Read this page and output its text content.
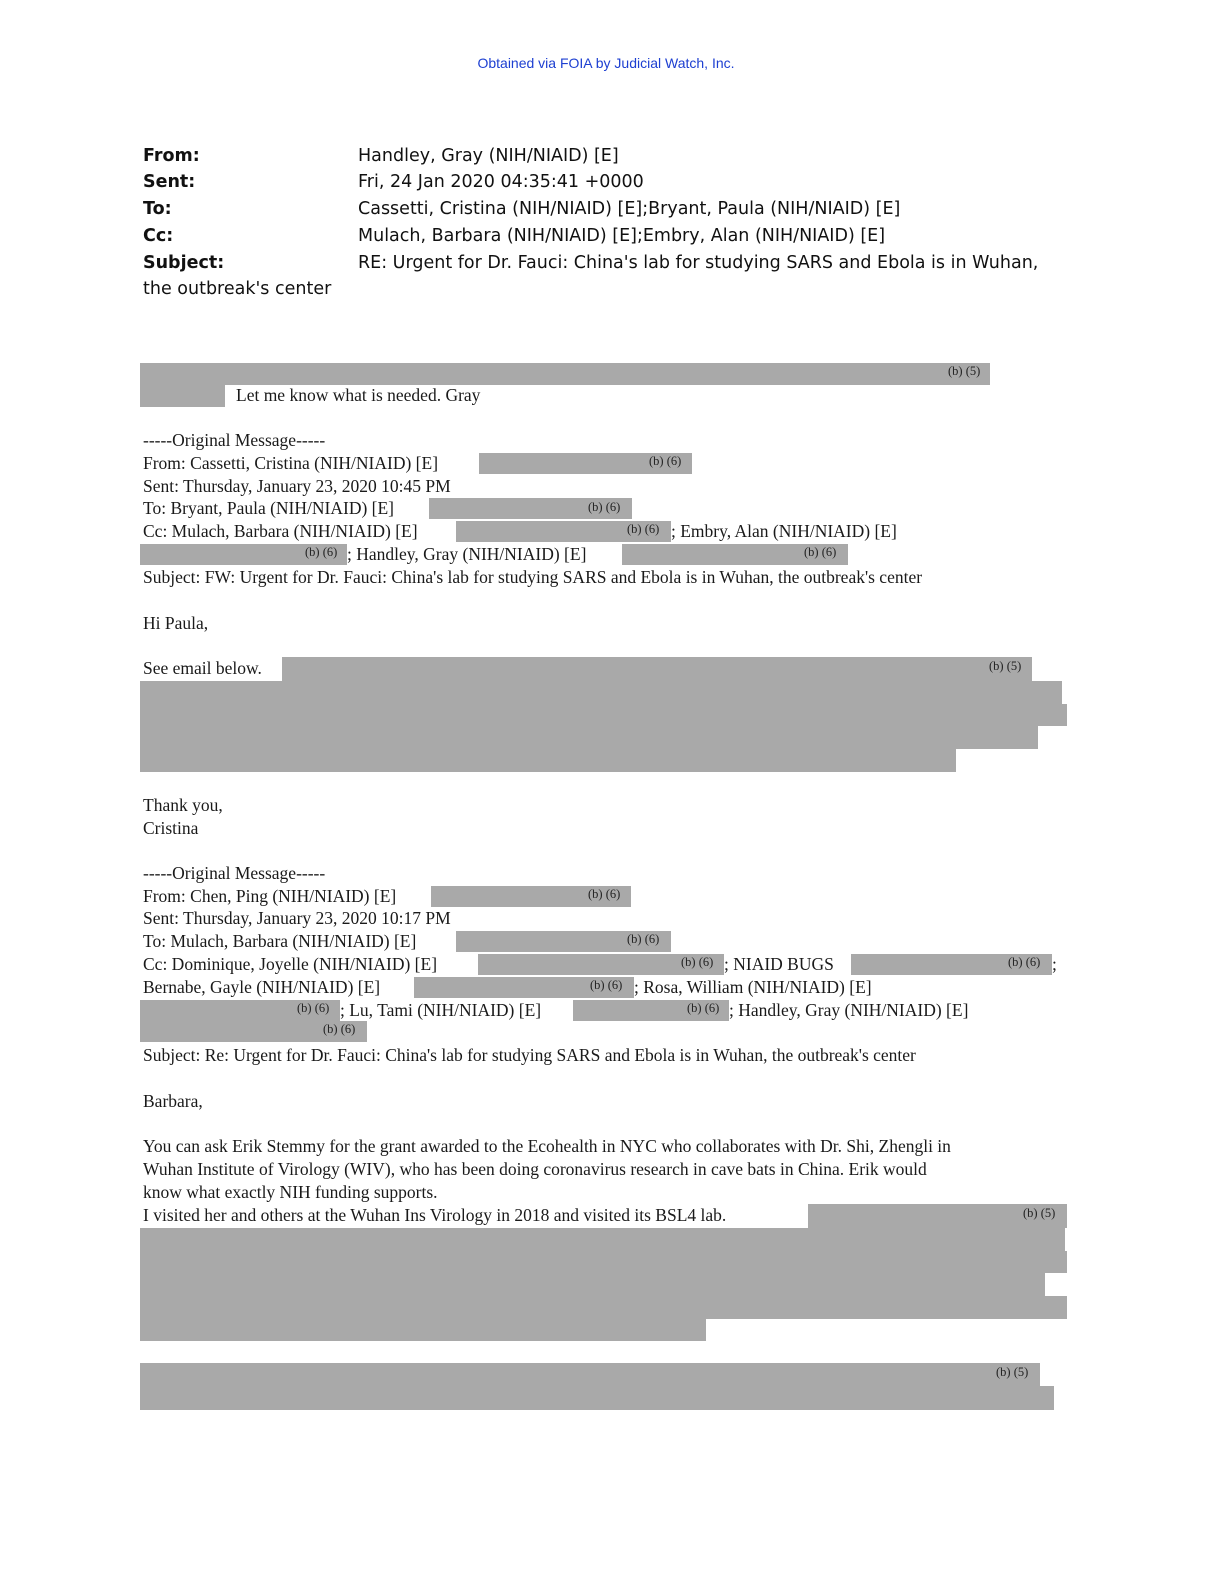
Obtained via FOIA by Judicial Watch, Inc.
From:	Handley, Gray (NIH/NIAID) [E]
Sent:	Fri, 24 Jan 2020 04:35:41 +0000
To:	Cassetti, Cristina (NIH/NIAID) [E];Bryant, Paula (NIH/NIAID) [E]
Cc:	Mulach, Barbara (NIH/NIAID) [E];Embry, Alan (NIH/NIAID) [E]
Subject:	RE: Urgent for Dr. Fauci: China's lab for studying SARS and Ebola is in Wuhan,
the outbreak's center
(b) (5)
Let me know what is needed. Gray
-----Original Message-----
From: Cassetti, Cristina (NIH/NIAID) [E]	(b) (6)
Sent: Thursday, January 23, 2020 10:45 PM
To: Bryant, Paula (NIH/NIAID) [E]	(b) (6)
Cc: Mulach, Barbara (NIH/NIAID) [E]	(b) (6) ; Embry, Alan (NIH/NIAID) [E]
(b) (6) ; Handley, Gray (NIH/NIAID) [E]	(b) (6)
Subject: FW: Urgent for Dr. Fauci: China's lab for studying SARS and Ebola is in Wuhan, the outbreak's center
Hi Paula,
See email below.	(b) (5)
Thank you,
Cristina
-----Original Message-----
From: Chen, Ping (NIH/NIAID) [E]	(b) (6)
Sent: Thursday, January 23, 2020 10:17 PM
To: Mulach, Barbara (NIH/NIAID) [E]	(b) (6)
Cc: Dominique, Joyelle (NIH/NIAID) [E]	(b) (6) ; NIAID BUGS	(b) (6) ;
Bernabe, Gayle (NIH/NIAID) [E]	(b) (6) ; Rosa, William (NIH/NIAID) [E]
(b) (6) ; Lu, Tami (NIH/NIAID) [E]	(b) (6) ; Handley, Gray (NIH/NIAID) [E]
(b) (6)
Subject: Re: Urgent for Dr. Fauci: China's lab for studying SARS and Ebola is in Wuhan, the outbreak's center
Barbara,
You can ask Erik Stemmy for the grant awarded to the Ecohealth in NYC who collaborates with Dr. Shi, Zhengli in
Wuhan Institute of Virology (WIV), who has been doing coronavirus research in cave bats in China. Erik would
know what exactly NIH funding supports.
I visited her and others at the Wuhan Ins Virology in 2018 and visited its BSL4 lab.	(b) (5)
(b) (5)
